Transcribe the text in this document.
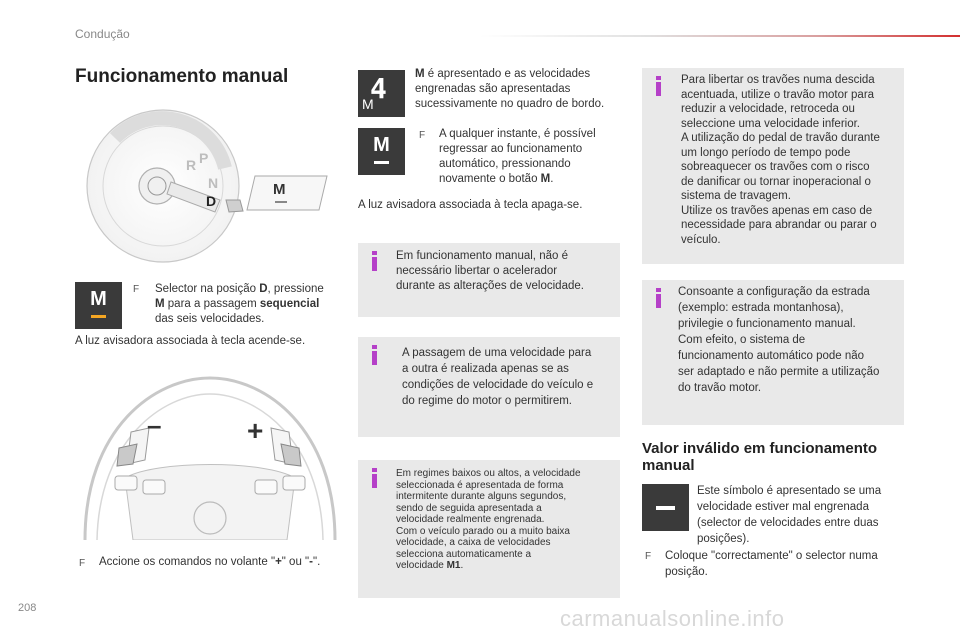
Condução
Funcionamento manual
P
N
D
R
M
M	F Selector na posição D, pressione
M para a passagem sequencial
das seis velocidades.
A luz avisadora associada à tecla acende-se.
–	+
F Accione os comandos no volante "+" ou "-".
4
M
M é apresentado e as velocidades
engrenadas são apresentadas
sucessivamente no quadro de bordo.
M	F A qualquer instante, é possível
regressar ao funcionamento
automático, pressionando
novamente o botão M.
A luz avisadora associada à tecla apaga-se.
Em funcionamento manual, não é
necessário libertar o acelerador
durante as alterações de velocidade.
A passagem de uma velocidade para
a outra é realizada apenas se as
condições de velocidade do veículo e
do regime do motor o permitirem.
Em regimes baixos ou altos, a velocidade
seleccionada é apresentada de forma
intermitente durante alguns segundos,
sendo de seguida apresentada a
velocidade realmente engrenada.
Com o veículo parado ou a muito baixa
velocidade, a caixa de velocidades
selecciona automaticamente a
velocidade M1.
Para libertar os travões numa descida
acentuada, utilize o travão motor para
reduzir a velocidade, retroceda ou
seleccione uma velocidade inferior.
A utilização do pedal de travão durante
um longo período de tempo pode
sobreaquecer os travões com o risco
de danificar ou tornar inoperacional o
sistema de travagem.
Utilize os travões apenas em caso de
necessidade para abrandar ou parar o
veículo.
Consoante a configuração da estrada
(exemplo: estrada montanhosa),
privilegie o funcionamento manual.
Com efeito, o sistema de
funcionamento automático pode não
ser adaptado e não permite a utilização
do travão motor.
Valor inválido em funcionamento
manual
Este símbolo é apresentado se uma
velocidade estiver mal engrenada
(selector de velocidades entre duas
posições).
F Coloque "correctamente" o selector numa
posição.
208	carmanualsonline.info
